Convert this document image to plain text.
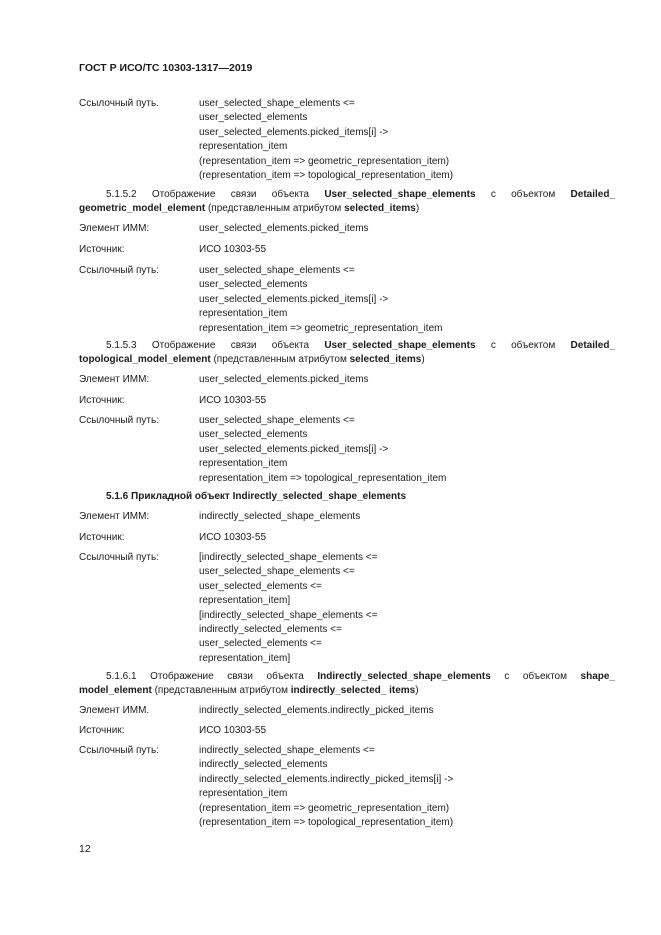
ГОСТ Р ИСО/ТС 10303-1317—2019
Ссылочный путь.	user_selected_shape_elements <=
user_selected_elements
user_selected_elements.picked_items[i] ->
representation_item
(representation_item => geometric_representation_item)
(representation_item => topological_representation_item)
5.1.5.2 Отображение связи объекта User_selected_shape_elements с объектом Detailed_
geometric_model_element (представленным атрибутом selected_items)
Элемент ИММ:	user_selected_elements.picked_items
Источник:	ИСО 10303-55
Ссылочный путь:	user_selected_shape_elements <=
user_selected_elements
user_selected_elements.picked_items[i] ->
representation_item
representation_item => geometric_representation_item
5.1.5.3 Отображение связи объекта User_selected_shape_elements с объектом Detailed_
topological_model_element (представленным атрибутом selected_items)
Элемент ИММ:	user_selected_elements.picked_items
Источник:	ИСО 10303-55
Ссылочный путь:	user_selected_shape_elements <=
user_selected_elements
user_selected_elements.picked_items[i] ->
representation_item
representation_item => topological_representation_item
5.1.6 Прикладной объект Indirectly_selected_shape_elements
Элемент ИММ:	indirectly_selected_shape_elements
Источник:	ИСО 10303-55
Ссылочный путь:	[indirectly_selected_shape_elements <=
user_selected_shape_elements <=
user_selected_elements <=
representation_item]
[indirectly_selected_shape_elements <=
indirectly_selected_elements <=
user_selected_elements <=
representation_item]
5.1.6.1 Отображение связи объекта Indirectly_selected_shape_elements с объектом shape_
model_element (представленным атрибутом indirectly_selected_ items)
Элемент ИММ.	indirectly_selected_elements.indirectly_picked_items
Источник:	ИСО 10303-55
Ссылочный путь:	indirectly_selected_shape_elements <=
indirectly_selected_elements
indirectly_selected_elements.indirectly_picked_items[i] ->
representation_item
(representation_item => geometric_representation_item)
(representation_item => topological_representation_item)
12
